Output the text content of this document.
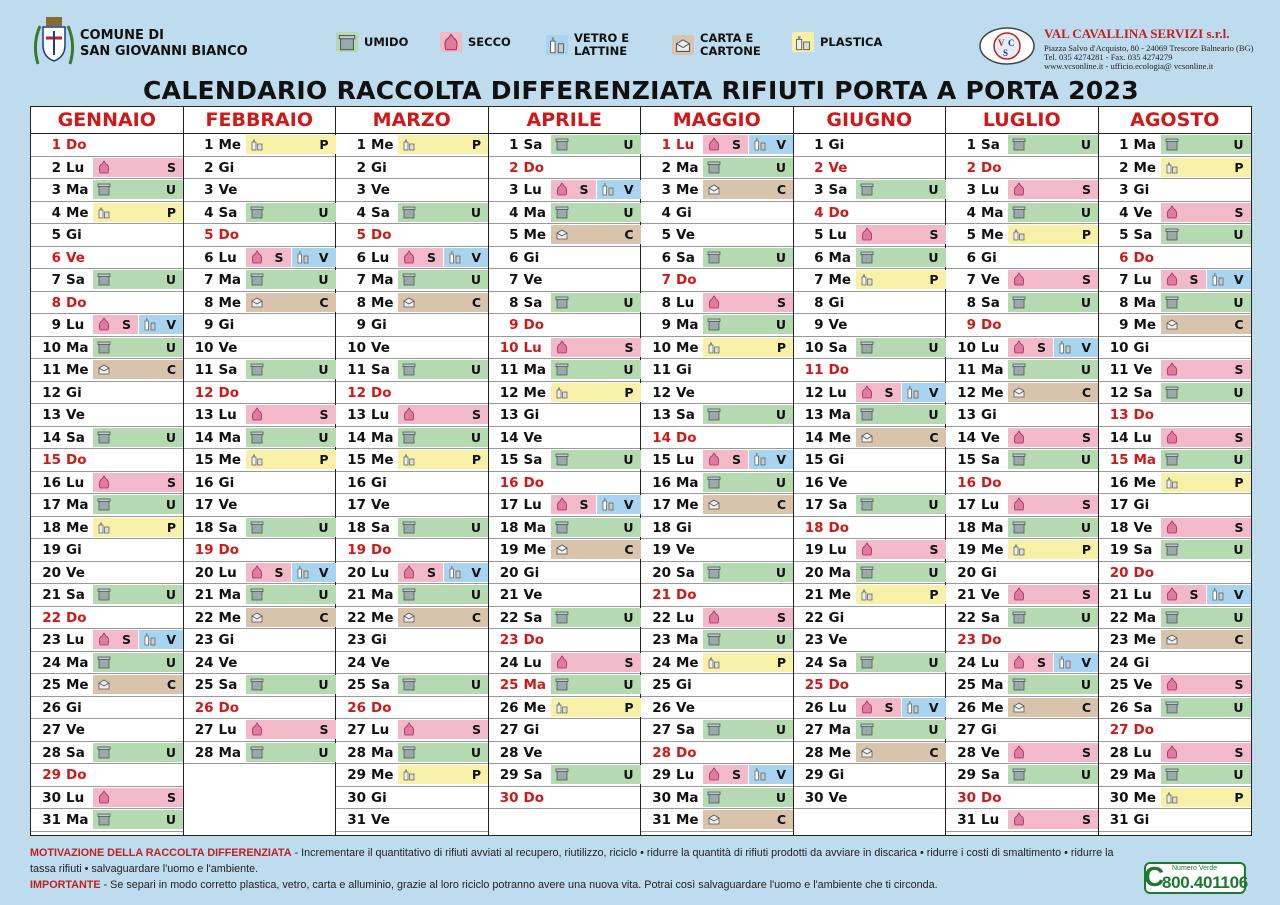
COMUNE DI
SAN GIOVANNI BIANCO
UMIDO	SECCO	VETRO E
LATTINE
CARTA E
CARTONE
PLASTICA	V C
S
VAL CAVALLINA SERVIZI s.r.l.
Piazza Salvo d'Acquisto, 80 - 24069 Trescore Balneario (BG)
Tel. 035 4274281 - Fax. 035 4274279
www.vcsonline.it - ufficio.ecologia@ vcsonline.it
CALENDARIO RACCOLTA DIFFERENZIATA RIFIUTI PORTA A PORTA 2023
GENNAIO
1 Do
2 Lu	S
3 Ma	U
4 Me	P
5 Gi
6 Ve
7 Sa	U
8 Do
9 Lu	S	V
10 Ma	U
11 Me	C
12 Gi
13 Ve
14 Sa	U
15 Do
16 Lu	S
17 Ma	U
18 Me	P
19 Gi
20 Ve
21 Sa	U
22 Do
23 Lu	S	V
24 Ma	U
25 Me	C
26 Gi
27 Ve
28 Sa	U
29 Do
30 Lu	S
31 Ma	U
FEBBRAIO
1 Me	P
2 Gi
3 Ve
4 Sa	U
5 Do
6 Lu	S	V
7 Ma	U
8 Me	C
9 Gi
10 Ve
11 Sa	U
12 Do
13 Lu	S
14 Ma	U
15 Me	P
16 Gi
17 Ve
18 Sa	U
19 Do
20 Lu	S	V
21 Ma	U
22 Me	C
23 Gi
24 Ve
25 Sa	U
26 Do
27 Lu	S
28 Ma	U
MARZO
1 Me	P
2 Gi
3 Ve
4 Sa	U
5 Do
6 Lu	S	V
7 Ma	U
8 Me	C
9 Gi
10 Ve
11 Sa	U
12 Do
13 Lu	S
14 Ma	U
15 Me	P
16 Gi
17 Ve
18 Sa	U
19 Do
20 Lu	S	V
21 Ma	U
22 Me	C
23 Gi
24 Ve
25 Sa	U
26 Do
27 Lu	S
28 Ma	U
29 Me	P
30 Gi
31 Ve
APRILE
1 Sa	U
2 Do
3 Lu	S	V
4 Ma	U
5 Me	C
6 Gi
7 Ve
8 Sa	U
9 Do
10 Lu	S
11 Ma	U
12 Me	P
13 Gi
14 Ve
15 Sa	U
16 Do
17 Lu	S	V
18 Ma	U
19 Me	C
20 Gi
21 Ve
22 Sa	U
23 Do
24 Lu	S
25 Ma	U
26 Me	P
27 Gi
28 Ve
29 Sa	U
30 Do
MAGGIO
1 Lu	S	V
2 Ma	U
3 Me	C
4 Gi
5 Ve
6 Sa	U
7 Do
8 Lu	S
9 Ma	U
10 Me	P
11 Gi
12 Ve
13 Sa	U
14 Do
15 Lu	S	V
16 Ma	U
17 Me	C
18 Gi
19 Ve
20 Sa	U
21 Do
22 Lu	S
23 Ma	U
24 Me	P
25 Gi
26 Ve
27 Sa	U
28 Do
29 Lu	S	V
30 Ma	U
31 Me	C
GIUGNO
1 Gi
2 Ve
3 Sa	U
4 Do
5 Lu	S
6 Ma	U
7 Me	P
8 Gi
9 Ve
10 Sa	U
11 Do
12 Lu	S	V
13 Ma	U
14 Me	C
15 Gi
16 Ve
17 Sa	U
18 Do
19 Lu	S
20 Ma	U
21 Me	P
22 Gi
23 Ve
24 Sa	U
25 Do
26 Lu	S	V
27 Ma	U
28 Me	C
29 Gi
30 Ve
LUGLIO
1 Sa	U
2 Do
3 Lu	S
4 Ma	U
5 Me	P
6 Gi
7 Ve	S
8 Sa	U
9 Do
10 Lu	S	V
11 Ma	U
12 Me	C
13 Gi
14 Ve	S
15 Sa	U
16 Do
17 Lu	S
18 Ma	U
19 Me	P
20 Gi
21 Ve	S
22 Sa	U
23 Do
24 Lu	S	V
25 Ma	U
26 Me	C
27 Gi
28 Ve	S
29 Sa	U
30 Do
31 Lu	S
AGOSTO
1 Ma	U
2 Me	P
3 Gi
4 Ve	S
5 Sa	U
6 Do
7 Lu	S	V
8 Ma	U
9 Me	C
10 Gi
11 Ve	S
12 Sa	U
13 Do
14 Lu	S
15 Ma	U
16 Me	P
17 Gi
18 Ve	S
19 Sa	U
20 Do
21 Lu	S	V
22 Ma	U
23 Me	C
24 Gi
25 Ve	S
26 Sa	U
27 Do
28 Lu	S
29 Ma	U
30 Me	P
31 Gi
MOTIVAZIONE DELLA RACCOLTA DIFFERENZIATA - Incrementare il quantitativo di rifiuti avviati al recupero, riutilizzo, riciclo • ridurre la quantità di rifiuti prodotti da avviare in discarica • ridurre i costi di smaltimento • ridurre la tassa rifiuti • salvaguardare l'uomo e l'ambiente.
IMPORTANTE - Se separi in modo corretto plastica, vetro, carta e alluminio, grazie al loro riciclo potranno avere una nuova vita. Potrai così salvaguardare l'uomo e l'ambiente che ti circonda.	C Numero Verde
800.401106
